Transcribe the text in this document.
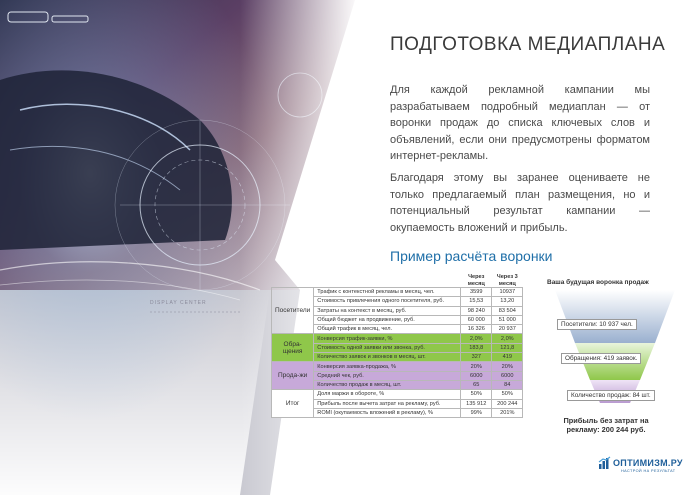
DISPLAY CENTER
ПОДГОТОВКА МЕДИАПЛАНА
Для каждой рекламной кампании мы разрабатываем подробный медиаплан — от воронки продаж до списка ключевых слов и объявлений, если они предусмотрены форматом интернет-рекламы.
Благодаря этому вы заранее оцениваете не только предлагаемый план размещения, но и потенциальный результат кампании — окупаемость вложений и прибыль.
Пример расчёта воронки
		Через месяц	Через 3 месяц
Посетители	Трафик с контекстной рекламы в месяц, чел.	3599	10937
	Стоимость привлечения одного посетителя, руб.	15,53	13,20
	Затраты на контекст в месяц, руб.	98 240	83 504
	Общий бюджет на продвижение, руб.	60 000	51 000
	Общий трафик в месяц, чел.	16 326	20 937
Обра-щения	Конверсия трафик-заявки, %	2,0%	2,0%
	Стоимость одной заявки или звонка, руб.	183,8	121,8
	Количество заявок и звонков в месяц, шт.	327	419
Прода-жи	Конверсия заявка-продажа, %	20%	20%
	Средний чек, руб.	6000	6000
	Количество продаж в месяц, шт.	65	84
Итог	Доля маржи в обороте, %	50%	50%
	Прибыль после вычета затрат на рекламу, руб.	135 912	200 244
	ROMI (окупаемость вложений в рекламу), %	99%	201%
Ваша будущая воронка продаж
Посетители: 10 937 чел.
Обращения: 419 заявок.
Количество продаж: 84 шт.
Прибыль без затрат на рекламу: 200 244 руб.
ОПТИМИЗМ.РУ
НАСТРОЙ НА РЕЗУЛЬТАТ
